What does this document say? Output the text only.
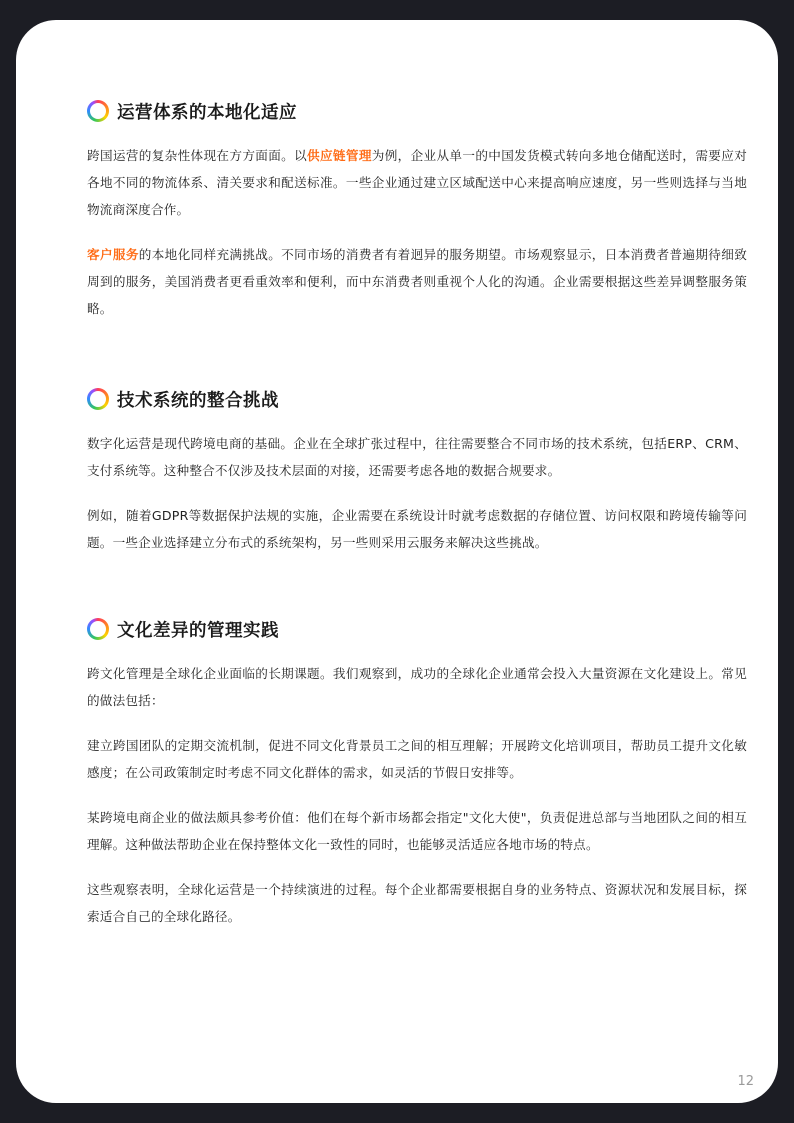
运营体系的本地化适应

跨国运营的复杂性体现在方方面面。以供应链管理为例，企业从单一的中国发货模式转向多地仓储配送时，需要应对各地不同的物流体系、清关要求和配送标准。一些企业通过建立区域配送中心来提高响应速度，另一些则选择与当地物流商深度合作。

客户服务的本地化同样充满挑战。不同市场的消费者有着迥异的服务期望。市场观察显示，日本消费者普遍期待细致周到的服务，美国消费者更看重效率和便利，而中东消费者则重视个人化的沟通。企业需要根据这些差异调整服务策略。

技术系统的整合挑战

数字化运营是现代跨境电商的基础。企业在全球扩张过程中，往往需要整合不同市场的技术系统，包括ERP、CRM、支付系统等。这种整合不仅涉及技术层面的对接，还需要考虑各地的数据合规要求。

例如，随着GDPR等数据保护法规的实施，企业需要在系统设计时就考虑数据的存储位置、访问权限和跨境传输等问题。一些企业选择建立分布式的系统架构，另一些则采用云服务来解决这些挑战。

文化差异的管理实践

跨文化管理是全球化企业面临的长期课题。我们观察到，成功的全球化企业通常会投入大量资源在文化建设上。常见的做法包括：

建立跨国团队的定期交流机制，促进不同文化背景员工之间的相互理解；开展跨文化培训项目，帮助员工提升文化敏感度；在公司政策制定时考虑不同文化群体的需求，如灵活的节假日安排等。

某跨境电商企业的做法颇具参考价值：他们在每个新市场都会指定"文化大使"，负责促进总部与当地团队之间的相互理解。这种做法帮助企业在保持整体文化一致性的同时，也能够灵活适应各地市场的特点。

这些观察表明，全球化运营是一个持续演进的过程。每个企业都需要根据自身的业务特点、资源状况和发展目标，探索适合自己的全球化路径。

12
